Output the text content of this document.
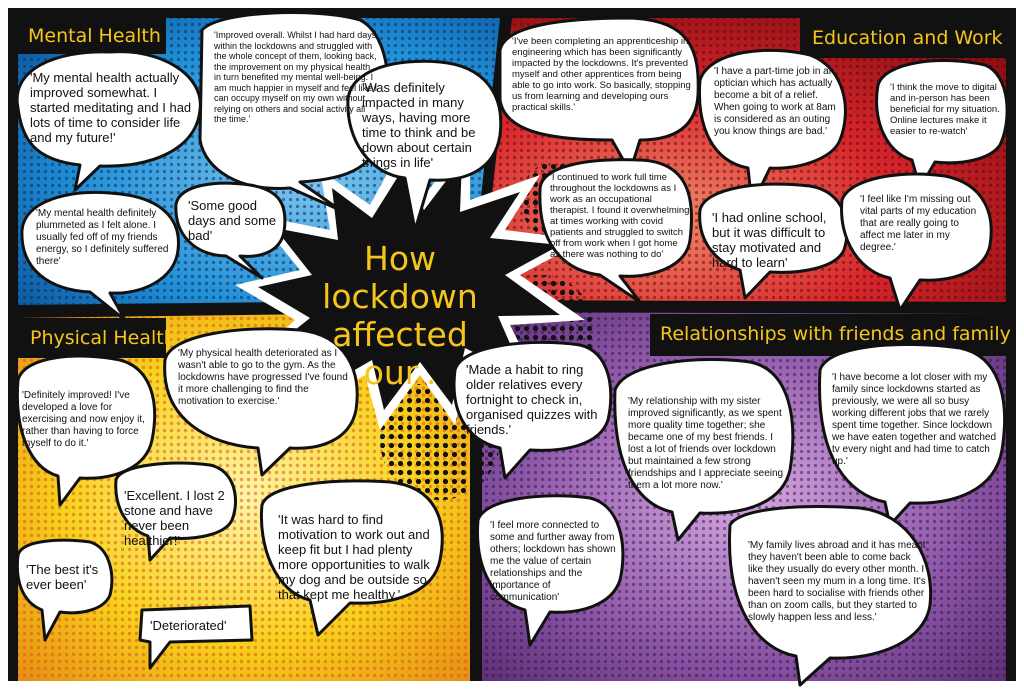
Mental Health	Education and Work
Physical Health	Relationships with friends and family
How
lockdown
affected
our..
'My mental health actually improved somewhat. I started meditating and I had lots of time to consider life and my future!'
'Improved overall. Whilst I had hard days within the lockdowns and struggled with the whole concept of them, looking back, the improvement on my physical health in turn benefited my mental well-being. I am much happier in myself and feel like I can occupy myself on my own without relying on others and social activity all the time.'
'Was definitely impacted in many ways, having more time to think and be down about certain things in life'
'My mental health definitely plummeted as I felt alone. I usually fed off of my friends energy, so I definitely suffered there'
'Some good days and some bad'
'I've been completing an apprenticeship in engineering which has been significantly impacted by the lockdowns. It's prevented myself and other apprentices from being able to go into work. So basically, stopping us from learning and developing ours practical skills.'
'I have a part-time job in an optician which has actually become a bit of a relief. When going to work at 8am is considered as an outing you know things are bad.'
'I think the move to digital and in-person has been beneficial for my situation. Online lectures make it easier to re-watch'
'I continued to work full time throughout the lockdowns as I work as an occupational therapist. I found it overwhelming at times working with covid patients and struggled to switch off from work when I got home as there was nothing to do'
'I had online school, but it was difficult to stay motivated and hard to learn'
'I feel like I'm missing out vital parts of my education that are really going to affect me later in my degree.'
'My physical health deteriorated as I wasn't able to go to the gym. As the lockdowns have progressed I've found it more challenging to find the motivation to exercise.'
'Definitely improved! I've developed a love for exercising and now enjoy it, rather than having to force myself to do it.'
'Excellent. I lost 2 stone and have never been healthier!'
'It was hard to find motivation to work out and keep fit but I had plenty more opportunities to walk my dog and be outside so that kept me healthy.'
'The best it's ever been'
'Deteriorated'
'Made a habit to ring older relatives every fortnight to check in, organised quizzes with friends.'
'My relationship with my sister improved significantly, as we spent more quality time together; she became one of my best friends. I lost a lot of friends over lockdown but maintained a few strong friendships and I appreciate seeing them a lot more now.'
'I have become a lot closer with my family since lockdowns started as previously, we were all so busy working different jobs that we rarely spent time together. Since lockdown we have eaten together and watched tv every night and had time to catch up.'
'I feel more connected to some and further away from others; lockdown has shown me the value of certain relationships and the importance of communication'
'My family lives abroad and it has meant they haven't been able to come back like they usually do every other month. I haven't seen my mum in a long time. It's been hard to socialise with friends other than on zoom calls, but they started to slowly happen less and less.'
